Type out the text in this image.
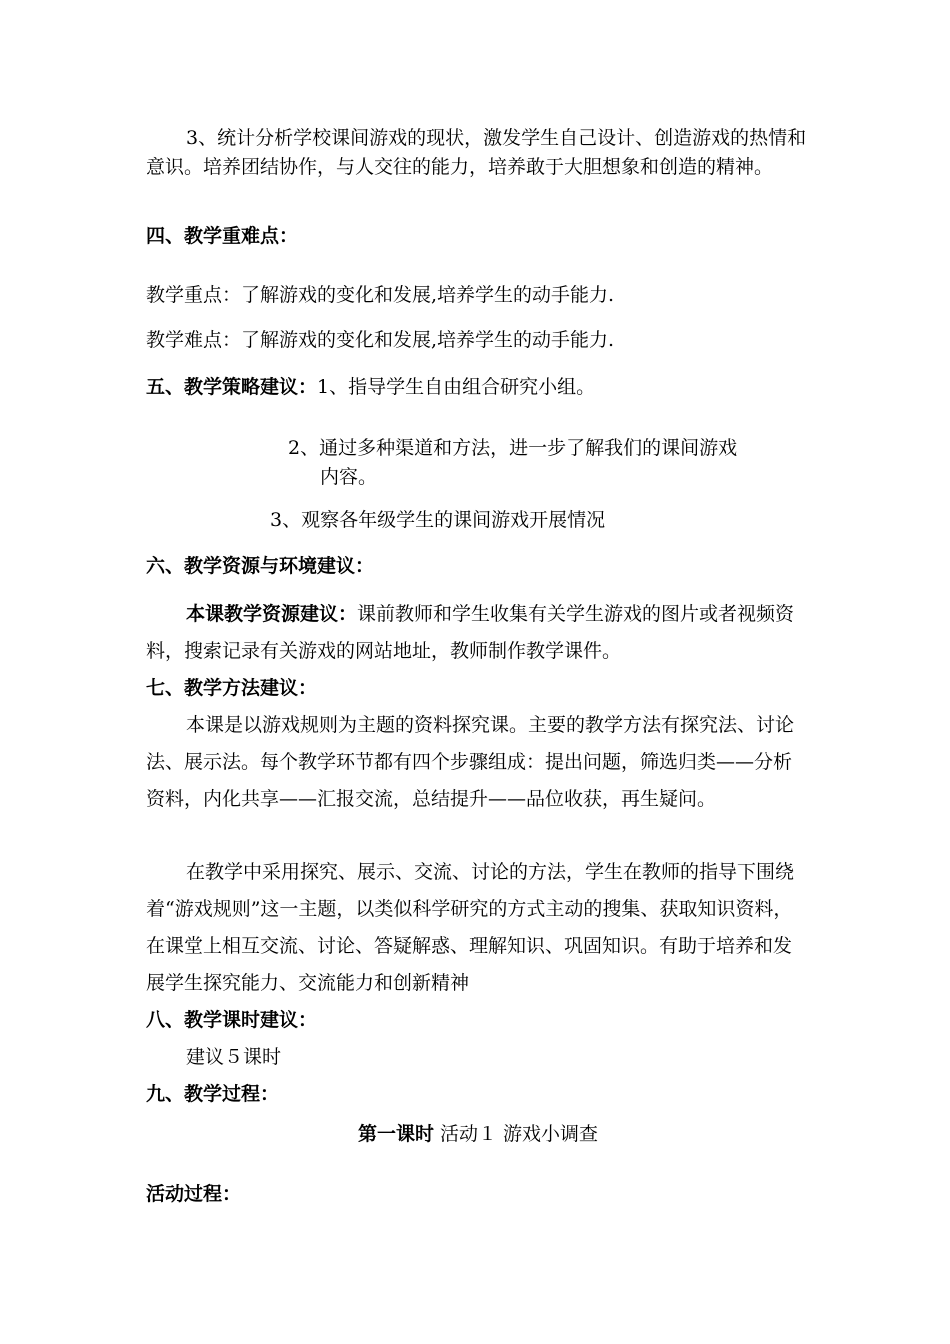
3、统计分析学校课间游戏的现状，激发学生自己设计、创造游戏的热情和意识。培养团结协作，与人交往的能力，培养敢于大胆想象和创造的精神。

四、教学重难点：

教学重点：了解游戏的变化和发展,培养学生的动手能力.

教学难点：了解游戏的变化和发展,培养学生的动手能力.

五、教学策略建议：1、指导学生自由组合研究小组。

2、通过多种渠道和方法，进一步了解我们的课间游戏
内容。

3、观察各年级学生的课间游戏开展情况

六、教学资源与环境建议：

本课教学资源建议：课前教师和学生收集有关学生游戏的图片或者视频资料，搜索记录有关游戏的网站地址，教师制作教学课件。

七、教学方法建议：

本课是以游戏规则为主题的资料探究课。主要的教学方法有探究法、讨论法、展示法。每个教学环节都有四个步骤组成：提出问题，筛选归类——分析资料，内化共享——汇报交流，总结提升——品位收获，再生疑问。

在教学中采用探究、展示、交流、讨论的方法，学生在教师的指导下围绕着“游戏规则”这一主题，以类似科学研究的方式主动的搜集、获取知识资料，在课堂上相互交流、讨论、答疑解惑、理解知识、巩固知识。有助于培养和发展学生探究能力、交流能力和创新精神

八、教学课时建议：

建议５课时

九、教学过程：

第一课时 活动１ 游戏小调查

活动过程：
